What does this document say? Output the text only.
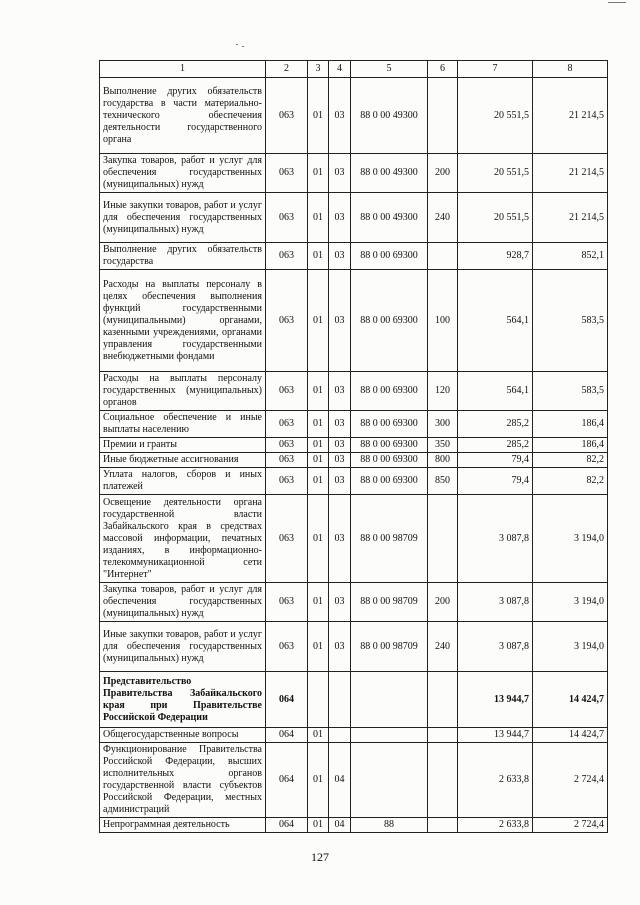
1	2	3	4	5	6	7	8
Выполнение других обязательств государства в части материально-технического обеспечения деятельности государственного органа	063	01	03	88 0 00 49300		20 551,5	21 214,5
Закупка товаров, работ и услуг для обеспечения государственных (муниципальных) нужд	063	01	03	88 0 00 49300	200	20 551,5	21 214,5
Иные закупки товаров, работ и услуг для обеспечения государственных (муниципальных) нужд	063	01	03	88 0 00 49300	240	20 551,5	21 214,5
Выполнение других обязательств государства	063	01	03	88 0 00 69300		928,7	852,1
Расходы на выплаты персоналу в целях обеспечения выполнения функций государственными (муниципальными) органами, казенными учреждениями, органами управления государственными внебюджетными фондами	063	01	03	88 0 00 69300	100	564,1	583,5
Расходы на выплаты персоналу государственных (муниципальных) органов	063	01	03	88 0 00 69300	120	564,1	583,5
Социальное обеспечение и иные выплаты населению	063	01	03	88 0 00 69300	300	285,2	186,4
Премии и гранты	063	01	03	88 0 00 69300	350	285,2	186,4
Иные бюджетные ассигнования	063	01	03	88 0 00 69300	800	79,4	82,2
Уплата налогов, сборов и иных платежей	063	01	03	88 0 00 69300	850	79,4	82,2
Освещение деятельности органа государственной власти Забайкальского края в средствах массовой информации, печатных изданиях, в информационно-телекоммуникационной сети "Интернет"	063	01	03	88 0 00 98709		3 087,8	3 194,0
Закупка товаров, работ и услуг для обеспечения государственных (муниципальных) нужд	063	01	03	88 0 00 98709	200	3 087,8	3 194,0
Иные закупки товаров, работ и услуг для обеспечения государственных (муниципальных) нужд	063	01	03	88 0 00 98709	240	3 087,8	3 194,0
Представительство Правительства Забайкальского края при Правительстве Российской Федерации	064					13 944,7	14 424,7
Общегосударственные вопросы	064	01				13 944,7	14 424,7
Функционирование Правительства Российской Федерации, высших исполнительных органов государственной власти субъектов Российской Федерации, местных администраций	064	01	04			2 633,8	2 724,4
Непрограммная деятельность	064	01	04	88		2 633,8	2 724,4
127
